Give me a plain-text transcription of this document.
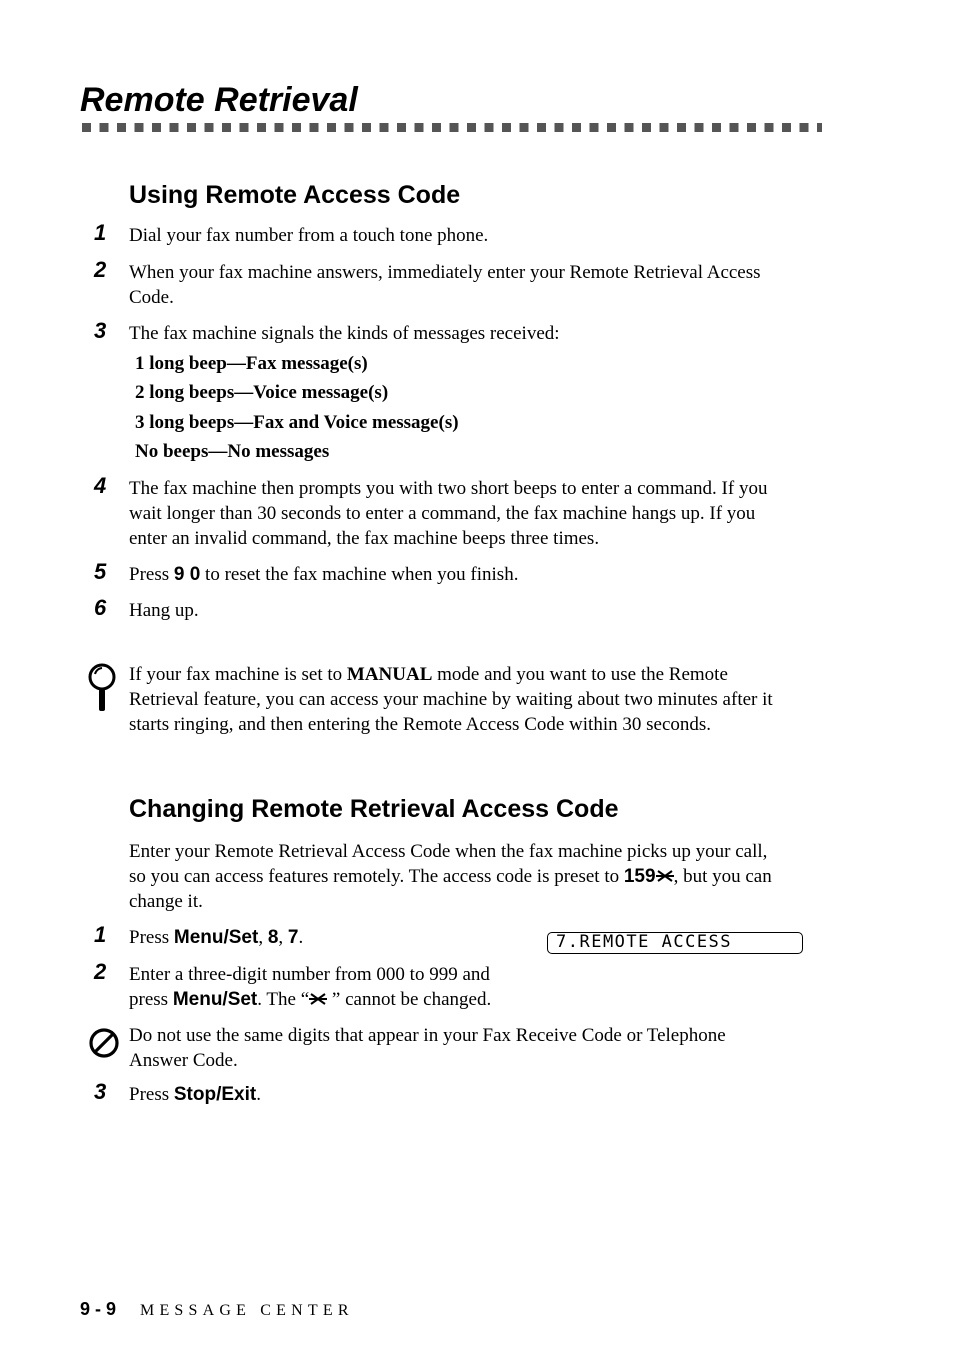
Remote Retrieval
Using Remote Access Code
1 Dial your fax number from a touch tone phone.
2 When your fax machine answers, immediately enter your Remote Retrieval Access
Code.
3 The fax machine signals the kinds of messages received:
1 long beep—Fax message(s)
2 long beeps—Voice message(s)
3 long beeps—Fax and Voice message(s)
No beeps—No messages
4 The fax machine then prompts you with two short beeps to enter a command. If you
wait longer than 30 seconds to enter a command, the fax machine hangs up. If you
enter an invalid command, the fax machine beeps three times.
5 Press 9 0 to reset the fax machine when you finish.
6 Hang up.
If your fax machine is set to MANUAL mode and you want to use the Remote
Retrieval feature, you can access your machine by waiting about two minutes after it
starts ringing, and then entering the Remote Access Code within 30 seconds.
Changing Remote Retrieval Access Code
Enter your Remote Retrieval Access Code when the fax machine picks up your call,
so you can access features remotely. The access code is preset to 159 , but you can
change it.
1 Press Menu/Set, 8, 7.	7.REMOTE ACCESS
2 Enter a three-digit number from 000 to 999 and
press Menu/Set. The “ ” cannot be changed.
Do not use the same digits that appear in your Fax Receive Code or Telephone
Answer Code.
3 Press Stop/Exit.
9 - 9 MESSAGE CENTER
